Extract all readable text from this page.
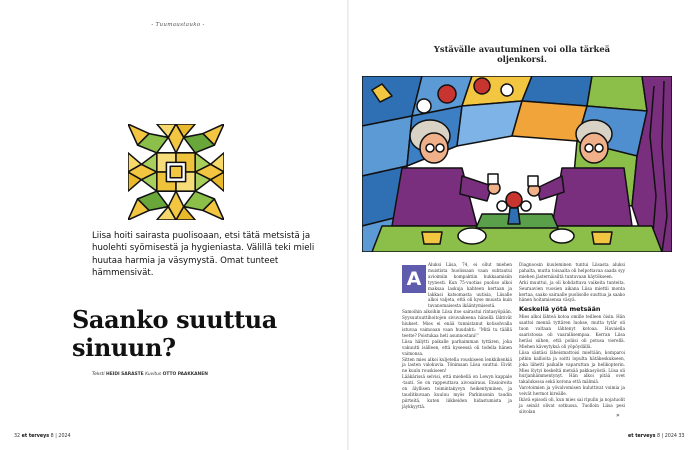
- Tuumaustauko -

Liisa hoiti sairasta puolisoaan, etsi tätä metsistä ja huolehti syömisestä ja hygieniasta. Välillä teki mieli huutaa harmia ja väsymystä. Omat tunteet hämmensivät.

Saanko suuttua sinuun?
Teksti HEIDI SARASTE Kuvitus OTTO PAAKKANEN
32 et terveys 8 | 2024	et terveys 8 | 2024 33
Ystävälle avautuminen voi olla tärkeä oljenkorsi.
A

Aluksi Liisa, 74, ei ollut miehen muistista huolissaan vaan suhtautui avioimiin kompaktiin hukkaamisiin tyynesti. Kun 75-vuotias puoliso alkoi maksaa laskuja kahteen kertaan ja lakkasi katsomasta uutisia, Liisalle alkoi valjeta, että oli kyse muusta kuin tavanomaisesta ikääntymisestä.

Samoihin aikoihin Liisa itse sairastui rintasyöpään. Syysuutuuttihoitojen sivuvaikeena hänellä lähtivät hiukset. Mies ei enää tunnistanut kotisohvalla istuvaa vaimoaan vaan huudahti: “Mitä tu täällä teette? Poistukaa heti asunnostani!”

Liisa hälytti paikalle parhaimman tyttären, joka vakuutti isälleen, että kyseessä oli todella hänen vaimonsa.

Sitten mies alkoi kuljetella rouskiseen lenkkikenkiä ja lasten valokuvia. Tönimaan Liisa suuttui. Eivät ne kuulu rouskiseen!

Lääkärissä selvisi, että miehellä on Lewyn kappale -tauti. Se on rappeuttava aivosairaus. Ensioireita on älyllisen toimintakyvyn heikentyminen, ja tauditkuvaan kuuluu myös Parkinsonin taudin piirteitä, kuten liikkeiden hidastumista ja jäykkyyttä.

Diagnoosin kuuleminen tuntui Liisasta aluksi pahalta, mutta toisaalta oli helpottavaa saada syy miehen jästernäisiltä tuntuvaan käytökseen.

Arki muuttui, ja oli kohdattava vaikeita tunteita. Seuraavien vuosien aikana Liisa miettii monta kertaa, saako sairaalle puolisolle suuttua ja saako hänen hoitamisensa väsyä.

Keskellä yötä metsään

Mies alkoi lähteä kotoa omille teilleen öisin. Hän saattoi mennä tyttären luokse, mutta tytär oli tuon valtaan lähtenyt kotoaa. Havaiella saaristossa oli vaarallisempaa. Kerran Liisa heräsi siihen, että poliisi oli potusa vierellä. Miehen käveytyksä oli yöpöydällä.

Liisa säntäsi läheismattoisi mieltään, komparoi pitkin kallioita ja soitti lopulta hätäkeskukseen, joka lähetti paikalle vaparuttan ja helikopterin. Mies löytyi keskeltä metsää pakkasyöstä. Liisa oli hurjanhämmentynyt. Hän alkoi pitää ovet takalukossa sekä korona että mälmiä.

Varotoimien ja yövalvomisen kuluttivat voimia ja veivät hermot kireälle.

Ikävä episodi oli, kun mies sai ripulin ja nojatuolit ja seinät olivat sotkussa. Tuolloin Liisa pesi siivolan

»
